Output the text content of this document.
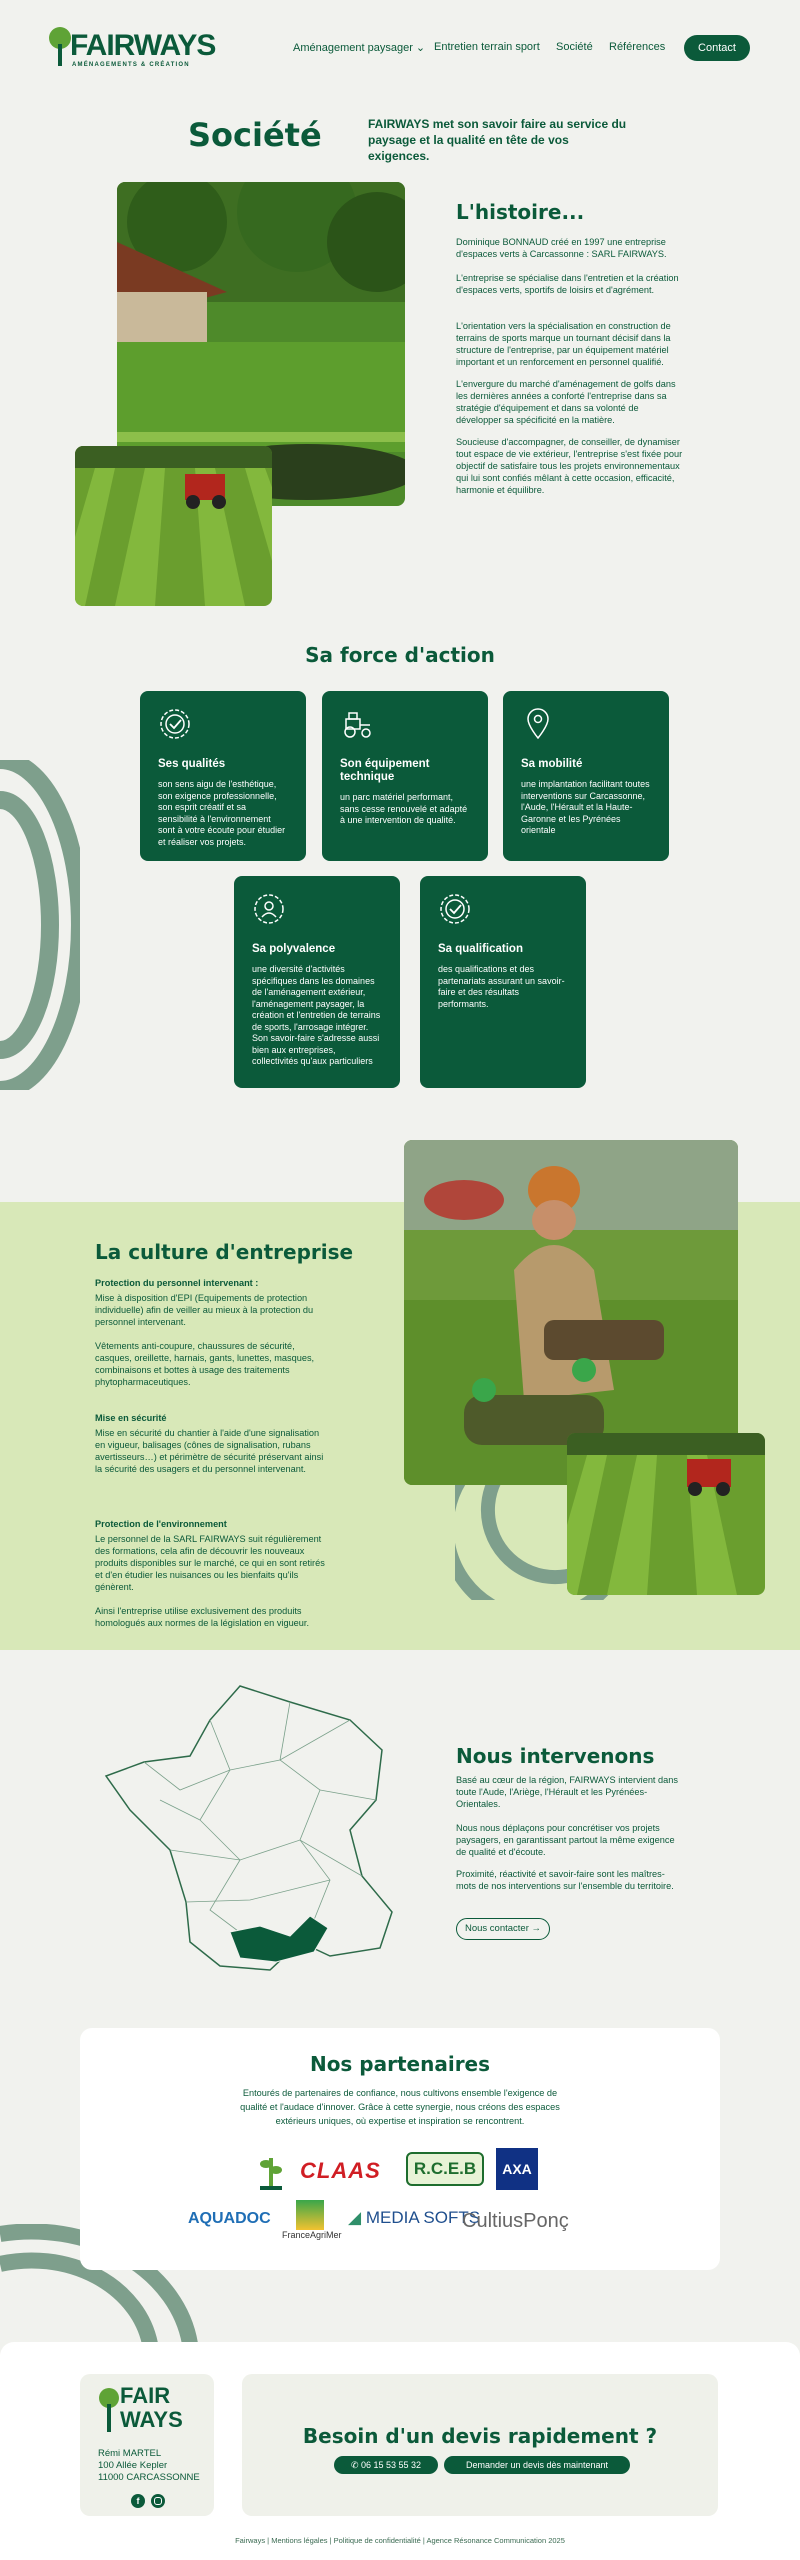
FAIRWAYS
AMÉNAGEMENTS & CRÉATION
Aménagement paysager ⌄ Entretien terrain sport Société Références	Contact
Société	FAIRWAYS met son savoir faire au service du paysage et la qualité en tête de vos exigences.
L'histoire...

Dominique BONNAUD créé en 1997 une entreprise d'espaces verts à Carcassonne : SARL FAIRWAYS.

L'entreprise se spécialise dans l'entretien et la création d'espaces verts, sportifs de loisirs et d'agrément.

L'orientation vers la spécialisation en construction de terrains de sports marque un tournant décisif dans la structure de l'entreprise, par un équipement matériel important et un renforcement en personnel qualifié.

L'envergure du marché d'aménagement de golfs dans les dernières années a conforté l'entreprise dans sa stratégie d'équipement et dans sa volonté de développer sa spécificité en la matière.

Soucieuse d'accompagner, de conseiller, de dynamiser tout espace de vie extérieur, l'entreprise s'est fixée pour objectif de satisfaire tous les projets environnementaux qui lui sont confiés mêlant à cette occasion, efficacité, harmonie et équilibre.

Sa force d'action
Ses qualités

son sens aigu de l'esthétique, son exigence professionnelle, son esprit créatif et sa sensibilité à l'environnement sont à votre écoute pour étudier et réaliser vos projets.

Son équipement technique

un parc matériel performant, sans cesse renouvelé et adapté à une intervention de qualité.

Sa mobilité

une implantation facilitant toutes interventions sur Carcassonne, l'Aude, l'Hérault et la Haute-Garonne et les Pyrénées orientale

Sa polyvalence

une diversité d'activités spécifiques dans les domaines de l'aménagement extérieur, l'aménagement paysager, la création et l'entretien de terrains de sports, l'arrosage intégrer. Son savoir-faire s'adresse aussi bien aux entreprises, collectivités qu'aux particuliers

Sa qualification

des qualifications et des partenariats assurant un savoir-faire et des résultats performants.

La culture d'entreprise
Protection du personnel intervenant :

Mise à disposition d'EPI (Equipements de protection individuelle) afin de veiller au mieux à la protection du personnel intervenant.

Vêtements anti-coupure, chaussures de sécurité, casques, oreillette, harnais, gants, lunettes, masques, combinaisons et bottes à usage des traitements phytopharmaceutiques.

Mise en sécurité

Mise en sécurité du chantier à l'aide d'une signalisation en vigueur, balisages (cônes de signalisation, rubans avertisseurs…) et périmètre de sécurité préservant ainsi la sécurité des usagers et du personnel intervenant.

Protection de l'environnement

Le personnel de la SARL FAIRWAYS suit régulièrement des formations, cela afin de découvrir les nouveaux produits disponibles sur le marché, ce qui en sont retirés et d'en étudier les nuisances ou les bienfaits qu'ils génèrent.

Ainsi l'entreprise utilise exclusivement des produits homologués aux normes de la législation en vigueur.

Nous intervenons

Basé au cœur de la région, FAIRWAYS intervient dans toute l'Aude, l'Ariège, l'Hérault et les Pyrénées-Orientales.

Nous nous déplaçons pour concrétiser vos projets paysagers, en garantissant partout la même exigence de qualité et d'écoute.

Proximité, réactivité et savoir-faire sont les maîtres-mots de nos interventions sur l'ensemble du territoire.

Nous contacter →
Nos partenaires
Entourés de partenaires de confiance, nous cultivons ensemble l'exigence de qualité et l'audace d'innover. Grâce à cette synergie, nous créons des espaces extérieurs uniques, où expertise et inspiration se rencontrent.
CLAAS	R.C.E.B	AXA
AQUADOC
FranceAgriMer
◢ MEDIA SOFTS
CultiusPonç
FAIR
WAYS
Rémi MARTEL
100 Allée Kepler
11000 CARCASSONNE
f
Besoin d'un devis rapidement ?
✆ 06 15 53 55 32	Demander un devis dès maintenant
Fairways | Mentions légales | Politique de confidentialité | Agence Résonance Communication 2025
